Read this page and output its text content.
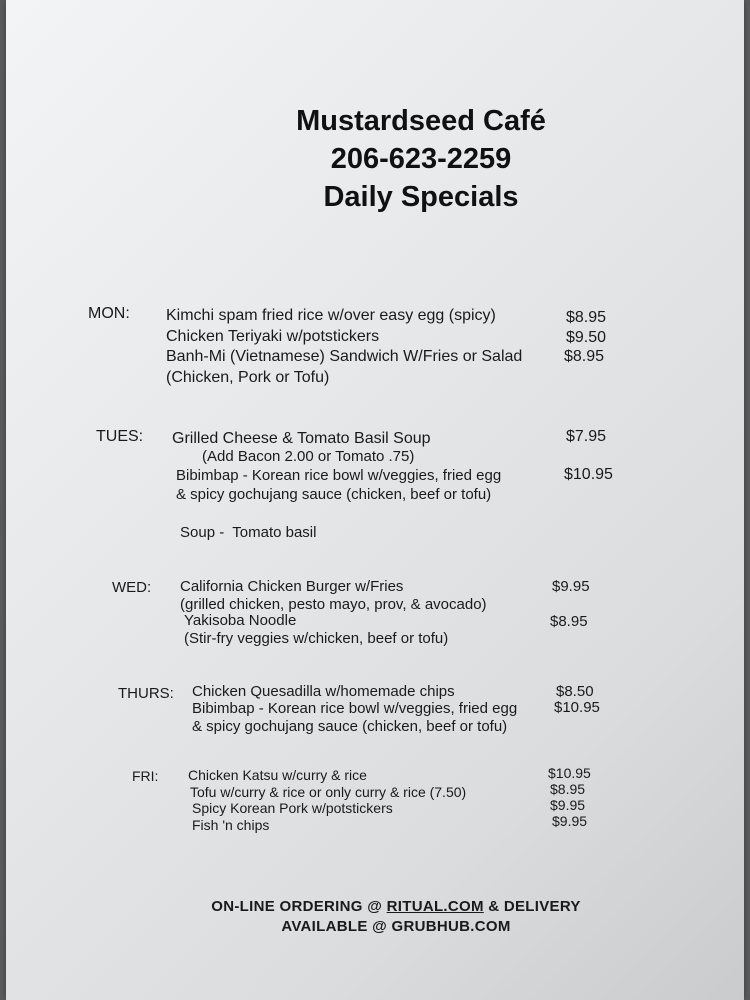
Mustardseed Café
206-623-2259
Daily Specials
MON: Kimchi spam fried rice w/over easy egg (spicy)
Chicken Teriyaki w/potstickers
Banh-Mi (Vietnamese) Sandwich W/Fries or Salad
(Chicken, Pork or Tofu)
$8.95
$9.50
$8.95
TUES: Grilled Cheese & Tomato Basil Soup
(Add Bacon 2.00 or Tomato .75)
Bibimbap - Korean rice bowl w/veggies, fried egg
& spicy gochujang sauce (chicken, beef or tofu)
Soup -  Tomato basil
$7.95
$10.95
WED: California Chicken Burger w/Fries
(grilled chicken, pesto mayo, prov, & avocado)
Yakisoba Noodle
(Stir-fry veggies w/chicken, beef or tofu)
$9.95
$8.95
THURS: Chicken Quesadilla w/homemade chips
Bibimbap - Korean rice bowl w/veggies, fried egg
& spicy gochujang sauce (chicken, beef or tofu)
$8.50
$10.95
FRI: Chicken Katsu w/curry & rice
Tofu w/curry & rice or only curry & rice (7.50)
Spicy Korean Pork w/potstickers
Fish 'n chips
$10.95
$8.95
$9.95
$9.95
ON-LINE ORDERING @ RITUAL.COM & DELIVERY
AVAILABLE @ GRUBHUB.COM
